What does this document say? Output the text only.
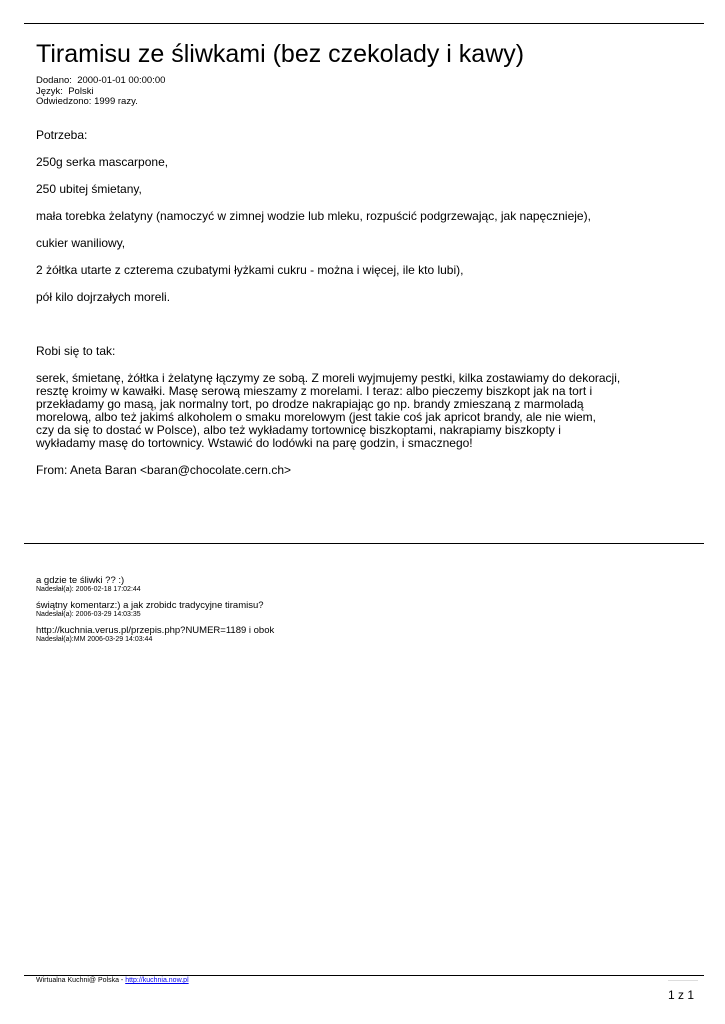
Tiramisu ze śliwkami (bez czekolady i kawy)
Dodano: 2000-01-01 00:00:00
Język: Polski
Odwiedzono: 1999 razy.

Potrzeba:

250g serka mascarpone,

250 ubitej śmietany,

mała torebka żelatyny (namoczyć w zimnej wodzie lub mleku, rozpuścić podgrzewając, jak napęcznieje),

cukier waniliowy,

2 żółtka utarte z czterema czubatymi łyżkami cukru - można i więcej, ile kto lubi),

pół kilo dojrzałych moreli.

Robi się to tak:

serek, śmietanę, żółtka i żelatynę łączymy ze sobą. Z moreli wyjmujemy pestki, kilka zostawiamy do dekoracji,
resztę kroimy w kawałki. Masę serową mieszamy z morelami. I teraz: albo pieczemy biszkopt jak na tort i
przekładamy go masą, jak normalny tort, po drodze nakrapiając go np. brandy zmieszaną z marmoladą
morelową, albo też jakimś alkoholem o smaku morelowym (jest takie coś jak apricot brandy, ale nie wiem,
czy da się to dostać w Polsce), albo też wykładamy tortownicę biszkoptami, nakrapiamy biszkopty i
wykładamy masę do tortownicy. Wstawić do lodówki na parę godzin, i smacznego!

From: Aneta Baran <baran@chocolate.cern.ch>

a gdzie te śliwki ?? :)
Nadesłał(a): 2006-02-18 17:02:44
świątny komentarz:) a jak zrobidc tradycyjne tiramisu?
Nadesłał(a): 2006-03-29 14:03:35
http://kuchnia.verus.pl/przepis.php?NUMER=1189 i obok
Nadesłał(a):MM 2006-03-29 14:03:44
Wirtualna Kuchni@ Polska - http://kuchnia.now.pl
1 z 1
